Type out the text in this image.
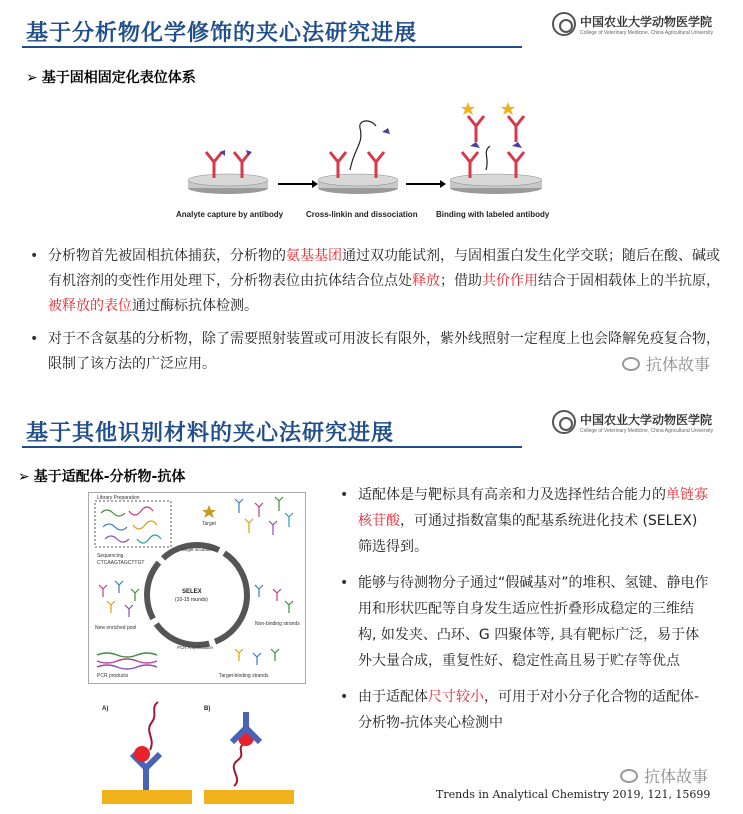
基于分析物化学修饰的夹心法研究进展	中国农业大学动物医学院
College of Veterinary Medicine, China Agricultural University
➢ 基于固相固定化表位体系
Analyte capture by antibody	Cross-linkin and dissociation Binding with labeled antibody
• 分析物首先被固相抗体捕获，分析物的氨基基团通过双功能试剂，与固相蛋白发生化学交联；随后在酸、碱或有机溶剂的变性作用处理下，分析物表位由抗体结合位点处释放；借助共价作用结合于固相载体上的半抗原，被释放的表位通过酶标抗体检测。
• 对于不含氨基的分析物，除了需要照射装置或可用波长有限外，紫外线照射一定程度上也会降解免疫复合物，限制了该方法的广泛应用。	抗体故事
基于其他识别材料的夹心法研究进展
中国农业大学动物医学院
College of Veterinary Medicine, China Agricultural University
➢ 基于适配体-分析物-抗体
Library Preparation
Target
Sequencing
CTCAAGTAGCTTGT
SELEX
(10-15 rounds)
Target incubation
PCR Amplification
New enriched pool
Non-binding strands
PCR products	Target-binding strands
A)	B)
• 适配体是与靶标具有高亲和力及选择性结合能力的单链寡核苷酸，可通过指数富集的配基系统进化技术 (SELEX) 筛选得到。
• 能够与待测物分子通过“假碱基对”的堆积、氢键、静电作用和形状匹配等自身发生适应性折叠形成稳定的三维结构, 如发夹、凸环、G 四聚体等, 具有靶标广泛，易于体外大量合成，重复性好、稳定性高且易于贮存等优点
• 由于适配体尺寸较小，可用于对小分子化合物的适配体-分析物-抗体夹心检测中
抗体故事
Trends in Analytical Chemistry 2019, 121, 15699
